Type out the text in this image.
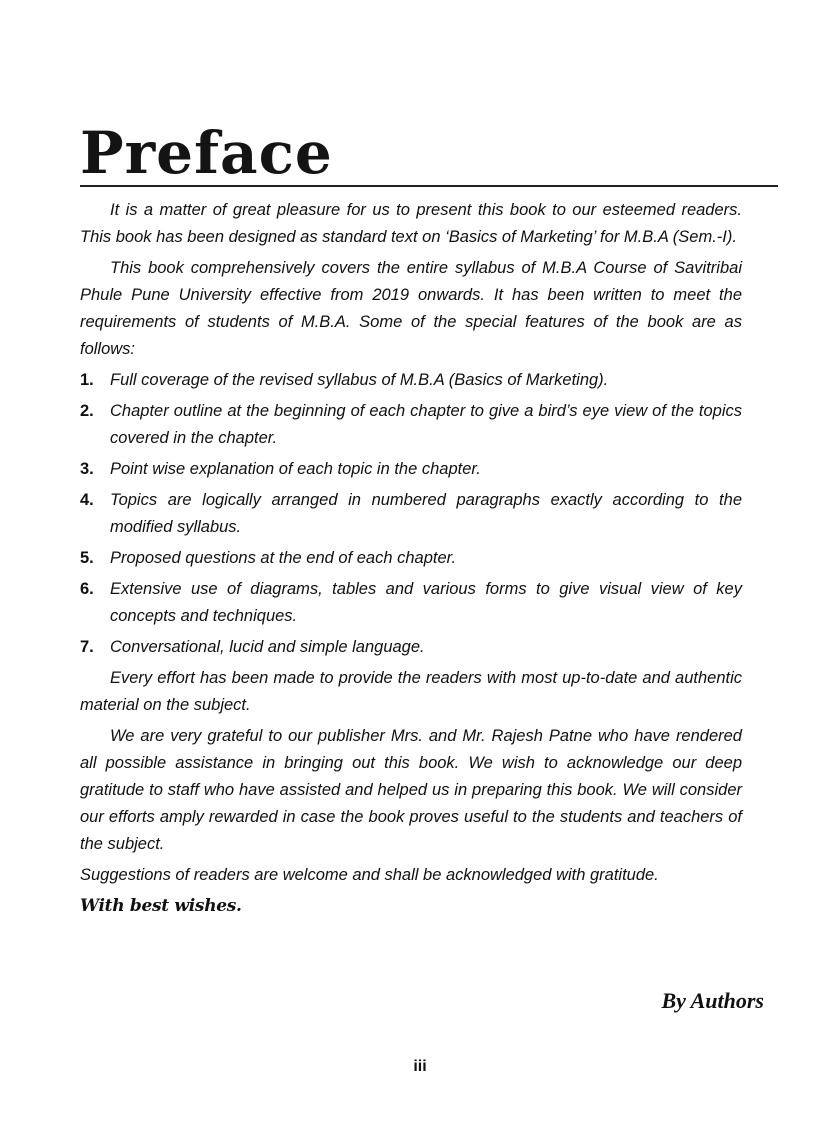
Preface

It is a matter of great pleasure for us to present this book to our esteemed readers. This book has been designed as standard text on ‘Basics of Marketing’ for M.B.A (Sem.-I).

This book comprehensively covers the entire syllabus of M.B.A Course of Savitribai Phule Pune University effective from 2019 onwards. It has been written to meet the requirements of students of M.B.A. Some of the special features of the book are as follows:

1. Full coverage of the revised syllabus of M.B.A (Basics of Marketing).
2. Chapter outline at the beginning of each chapter to give a bird’s eye view of the topics covered in the chapter.
3. Point wise explanation of each topic in the chapter.
4. Topics are logically arranged in numbered paragraphs exactly according to the modified syllabus.
5. Proposed questions at the end of each chapter.
6. Extensive use of diagrams, tables and various forms to give visual view of key concepts and techniques.
7. Conversational, lucid and simple language.

Every effort has been made to provide the readers with most up-to-date and authentic material on the subject.

We are very grateful to our publisher Mrs. and Mr. Rajesh Patne who have rendered all possible assistance in bringing out this book. We wish to acknowledge our deep gratitude to staff who have assisted and helped us in preparing this book. We will consider our efforts amply rewarded in case the book proves useful to the students and teachers of the subject.

Suggestions of readers are welcome and shall be acknowledged with gratitude.

With best wishes.

By Authors

iii
